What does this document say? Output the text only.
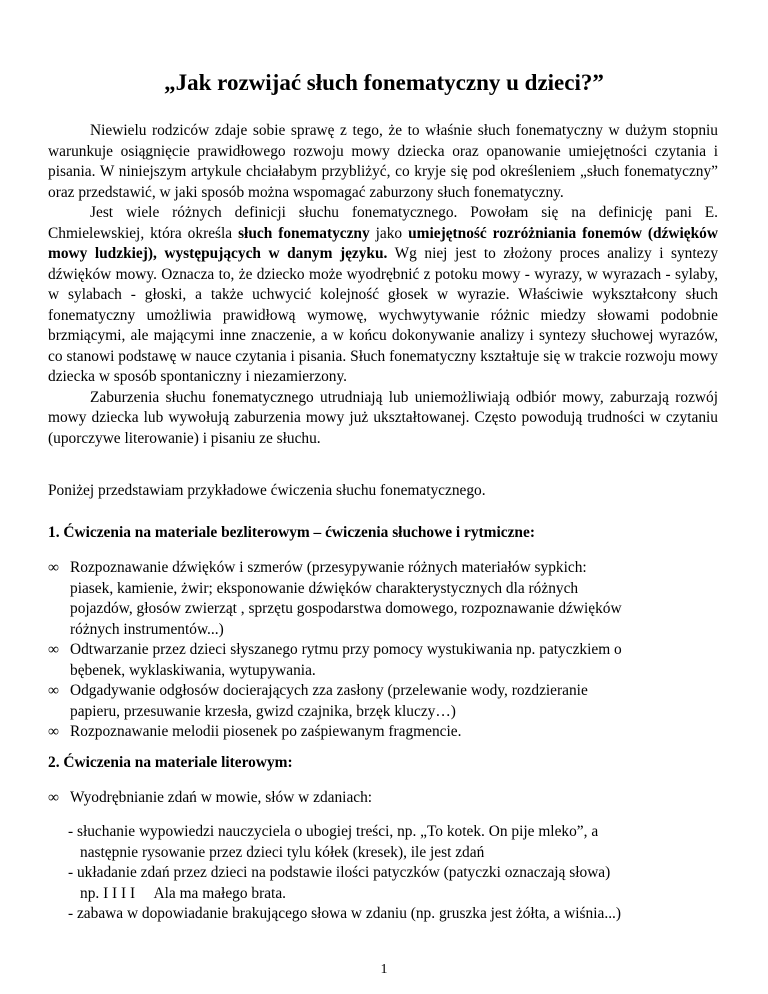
„Jak rozwijać słuch fonematyczny u dzieci?”

Niewielu rodziców zdaje sobie sprawę z tego, że to właśnie słuch fonematyczny w dużym stopniu warunkuje osiągnięcie prawidłowego rozwoju mowy dziecka oraz opanowanie umiejętności czytania i pisania. W niniejszym artykule chciałabym przybliżyć, co kryje się pod określeniem „słuch fonematyczny” oraz przedstawić, w jaki sposób można wspomagać zaburzony słuch fonematyczny.

Jest wiele różnych definicji słuchu fonematycznego. Powołam się na definicję pani E. Chmielewskiej, która określa słuch fonematyczny jako umiejętność rozróżniania fonemów (dźwięków mowy ludzkiej), występujących w danym języku. Wg niej jest to złożony proces analizy i syntezy dźwięków mowy. Oznacza to, że dziecko może wyodrębnić z potoku mowy - wyrazy, w wyrazach - sylaby, w sylabach - głoski, a także uchwycić kolejność głosek w wyrazie. Właściwie wykształcony słuch fonematyczny umożliwia prawidłową wymowę, wychwytywanie różnic miedzy słowami podobnie brzmiącymi, ale mającymi inne znaczenie, a w końcu dokonywanie analizy i syntezy słuchowej wyrazów, co stanowi podstawę w nauce czytania i pisania. Słuch fonematyczny kształtuje się w trakcie rozwoju mowy dziecka w sposób spontaniczny i niezamierzony.

Zaburzenia słuchu fonematycznego utrudniają lub uniemożliwiają odbiór mowy, zaburzają rozwój mowy dziecka lub wywołują zaburzenia mowy już ukształtowanej. Często powodują trudności w czytaniu (uporczywe literowanie) i pisaniu ze słuchu.

Poniżej przedstawiam przykładowe ćwiczenia słuchu fonematycznego.

1. Ćwiczenia na materiale bezliterowym – ćwiczenia słuchowe i rytmiczne:

∞ Rozpoznawanie dźwięków i szmerów (przesypywanie różnych materiałów sypkich:
piasek, kamienie, żwir; eksponowanie dźwięków charakterystycznych dla różnych
pojazdów, głosów zwierząt , sprzętu gospodarstwa domowego, rozpoznawanie dźwięków
różnych instrumentów...)
∞ Odtwarzanie przez dzieci słyszanego rytmu przy pomocy wystukiwania np. patyczkiem o
bębenek, wyklaskiwania, wytupywania.
∞ Odgadywanie odgłosów docierających zza zasłony (przelewanie wody, rozdzieranie
papieru, przesuwanie krzesła, gwizd czajnika, brzęk kluczy…)
∞ Rozpoznawanie melodii piosenek po zaśpiewanym fragmencie.

2. Ćwiczenia na materiale literowym:

∞ Wyodrębnianie zdań w mowie, słów w zdaniach:
- słuchanie wypowiedzi nauczyciela o ubogiej treści, np. „To kotek. On pije mleko”, a
następnie rysowanie przez dzieci tylu kółek (kresek), ile jest zdań
- układanie zdań przez dzieci na podstawie ilości patyczków (patyczki oznaczają słowa)
np. I I I I     Ala ma małego brata.
- zabawa w dopowiadanie brakującego słowa w zdaniu (np. gruszka jest żółta, a wiśnia...)
1
